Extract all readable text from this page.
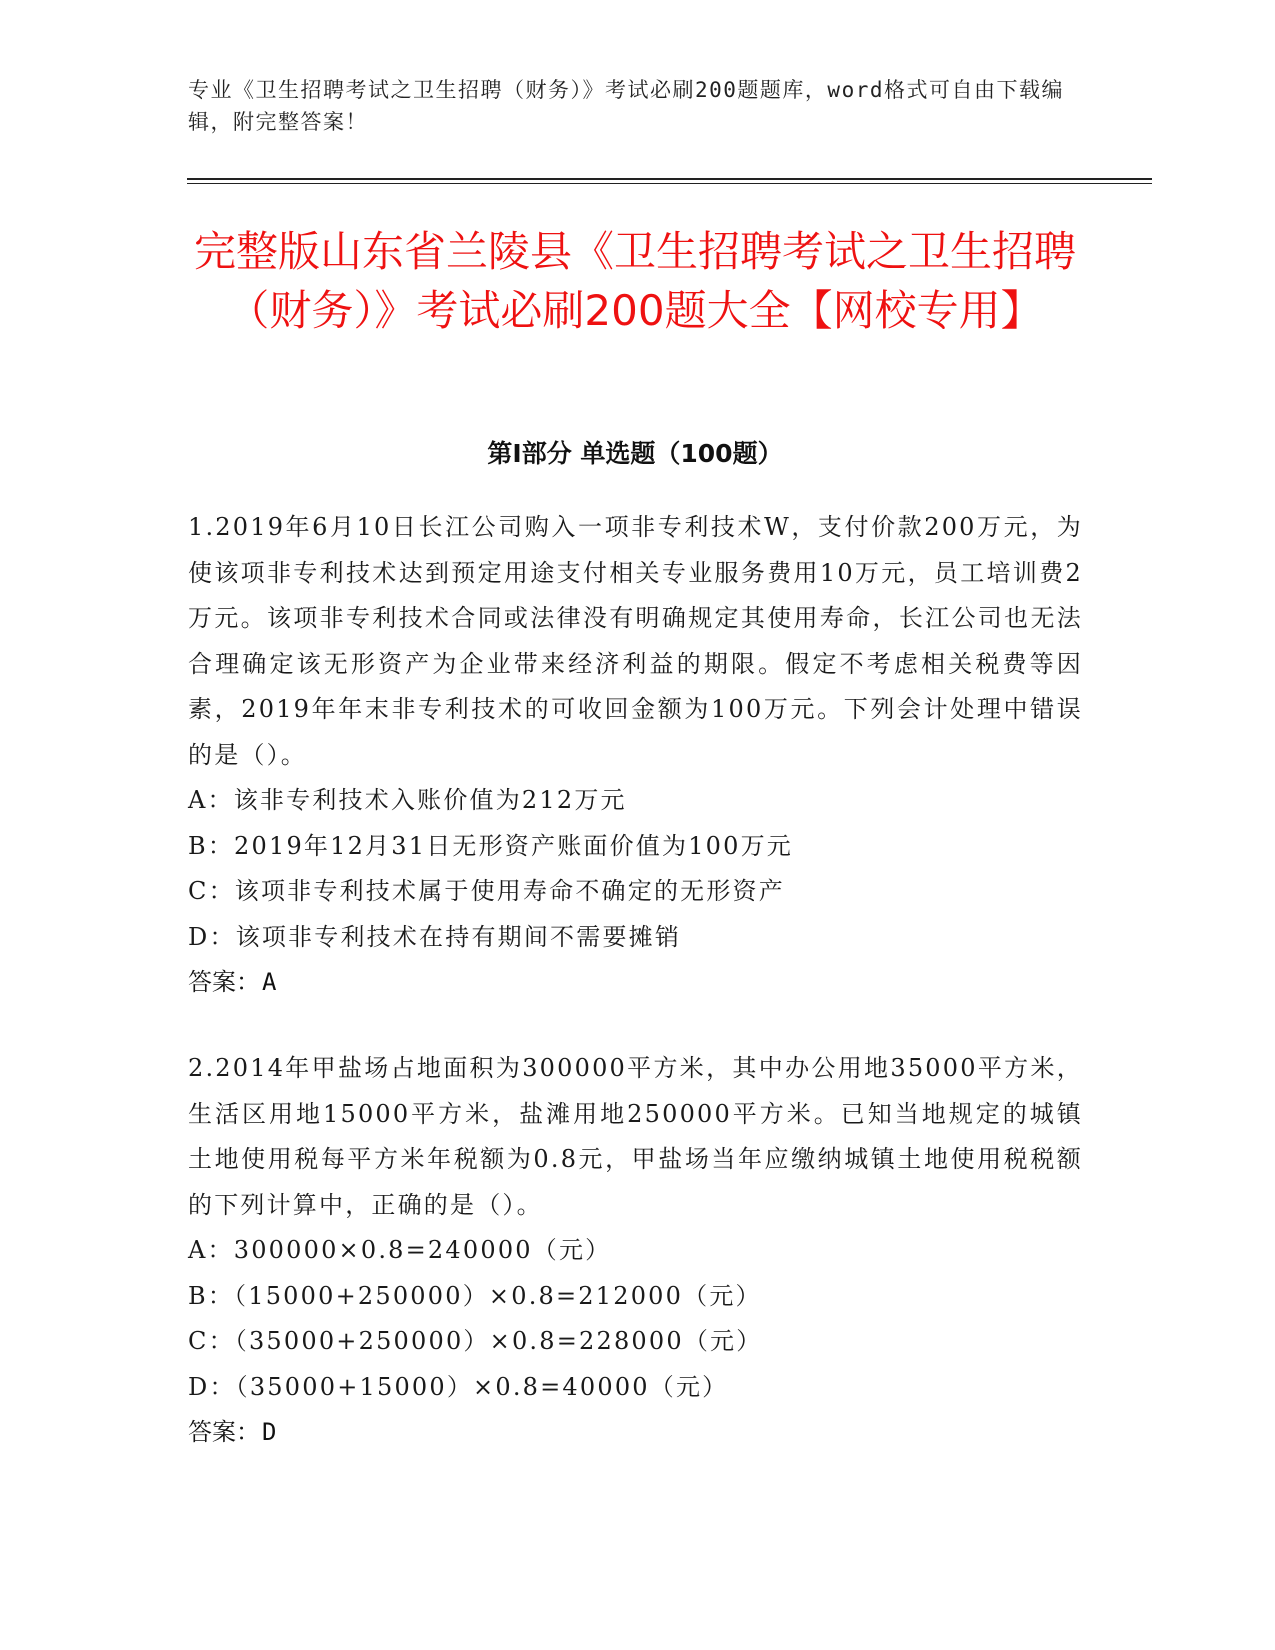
专业《卫生招聘考试之卫生招聘（财务）》考试必刷200题题库，word格式可自由下载编辑，附完整答案！
完整版山东省兰陵县《卫生招聘考试之卫生招聘（财务）》考试必刷200题大全【网校专用】
第Ⅰ部分 单选题（100题）
1.2019年6月10日长江公司购入一项非专利技术W，支付价款200万元，为使该项非专利技术达到预定用途支付相关专业服务费用10万元，员工培训费2万元。该项非专利技术合同或法律没有明确规定其使用寿命，长江公司也无法合理确定该无形资产为企业带来经济利益的期限。假定不考虑相关税费等因素，2019年年末非专利技术的可收回金额为100万元。下列会计处理中错误的是（）。
A：该非专利技术入账价值为212万元
B：2019年12月31日无形资产账面价值为100万元
C：该项非专利技术属于使用寿命不确定的无形资产
D：该项非专利技术在持有期间不需要摊销
答案：A
2.2014年甲盐场占地面积为300000平方米，其中办公用地35000平方米，生活区用地15000平方米，盐滩用地250000平方米。已知当地规定的城镇土地使用税每平方米年税额为0.8元，甲盐场当年应缴纳城镇土地使用税税额的下列计算中，正确的是（）。
A：300000×0.8=240000（元）
B：（15000+250000）×0.8=212000（元）
C：（35000+250000）×0.8=228000（元）
D：（35000+15000）×0.8=40000（元）
答案：D
